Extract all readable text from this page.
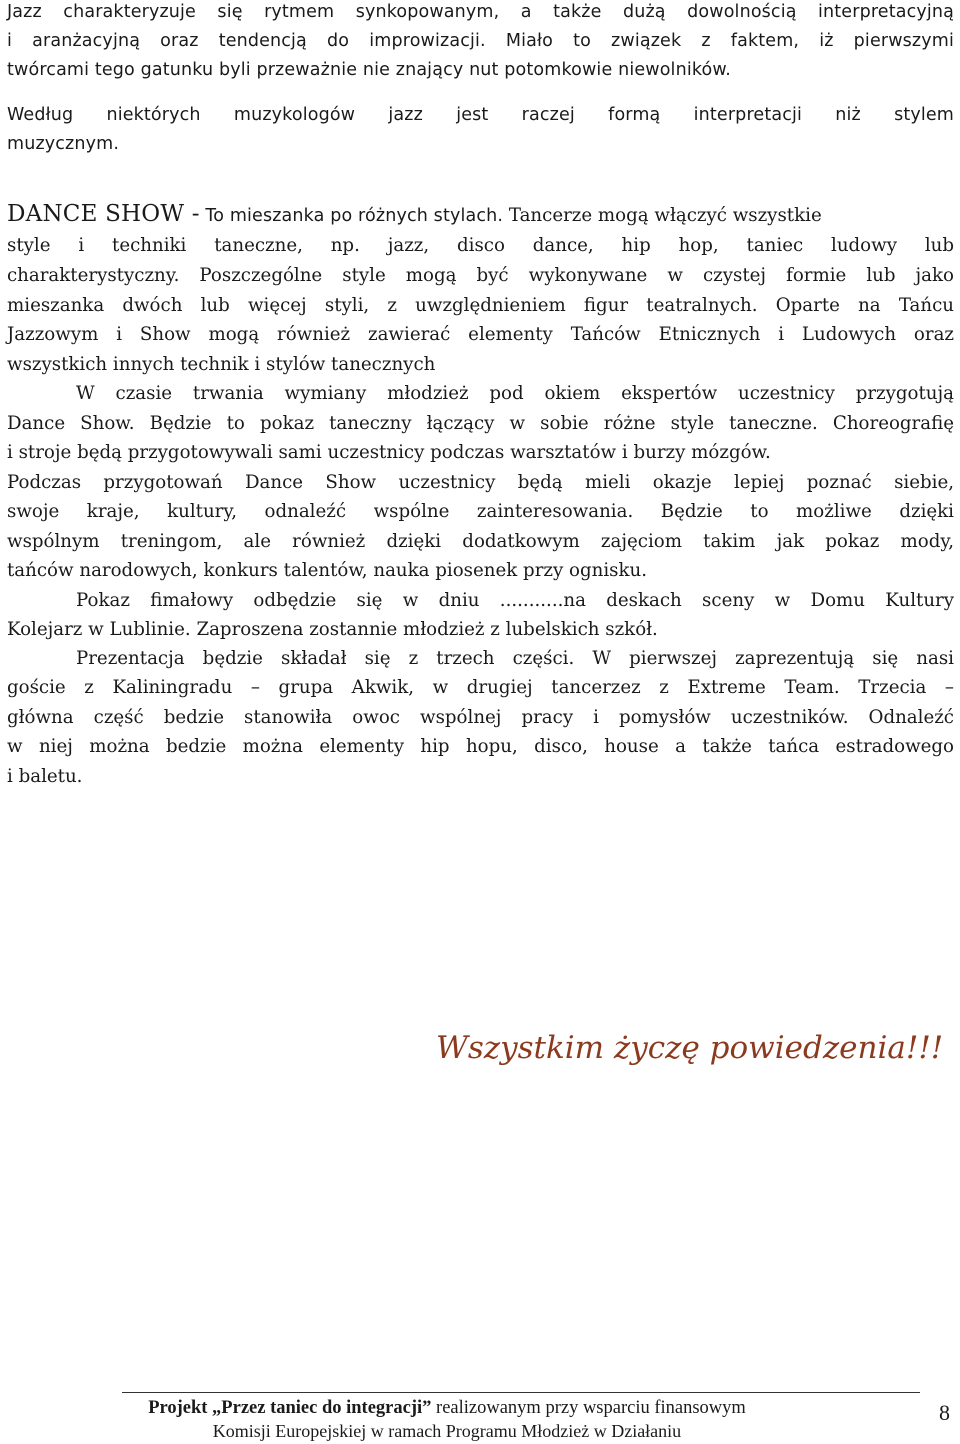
Jazz charakteryzuje się rytmem synkopowanym, a także dużą dowolnością interpretacyjną
i aranżacyjną oraz tendencją do improwizacji. Miało to związek z faktem, iż pierwszymi
twórcami tego gatunku byli przeważnie nie znający nut potomkowie niewolników.
Według niektórych muzykologów jazz jest raczej formą interpretacji niż stylem
muzycznym.
DANCE SHOW - To mieszanka po różnych stylach. Tancerze mogą włączyć wszystkie
style i techniki taneczne, np. jazz, disco dance, hip hop, taniec ludowy lub
charakterystyczny. Poszczególne style mogą być wykonywane w czystej formie lub jako
mieszanka dwóch lub więcej styli, z uwzględnieniem figur teatralnych. Oparte na Tańcu
Jazzowym i Show mogą również zawierać elementy Tańców Etnicznych i Ludowych oraz
wszystkich innych technik i stylów tanecznych
W czasie trwania wymiany młodzież pod okiem ekspertów uczestnicy przygotują
Dance Show. Będzie to pokaz taneczny łączący w sobie różne style taneczne. Choreografię
i stroje będą przygotowywali sami uczestnicy podczas warsztatów i burzy mózgów.
Podczas przygotowań Dance Show uczestnicy będą mieli okazje lepiej poznać siebie,
swoje kraje, kultury, odnaleźć wspólne zainteresowania. Będzie to możliwe dzięki
wspólnym treningom, ale również dzięki dodatkowym zajęciom takim jak pokaz mody,
tańców narodowych, konkurs talentów, nauka piosenek przy ognisku.
Pokaz fimałowy odbędzie się w dniu ...........na deskach sceny w Domu Kultury
Kolejarz w Lublinie. Zaproszena zostannie młodzież z lubelskich szkół.
Prezentacja będzie składał się z trzech części. W pierwszej zaprezentują się nasi
goście z Kaliningradu – grupa Akwik, w drugiej tancerzez z Extreme Team. Trzecia –
główna część bedzie stanowiła owoc wspólnej pracy i pomysłów uczestników. Odnaleźć
w niej można bedzie można elementy hip hopu, disco, house a także tańca estradowego
i baletu.
Wszystkim życzę powiedzenia!!!
Projekt „Przez taniec do integracji” realizowanym przy wsparciu finansowym
Komisji Europejskiej w ramach Programu Młodzież w Działaniu
8
